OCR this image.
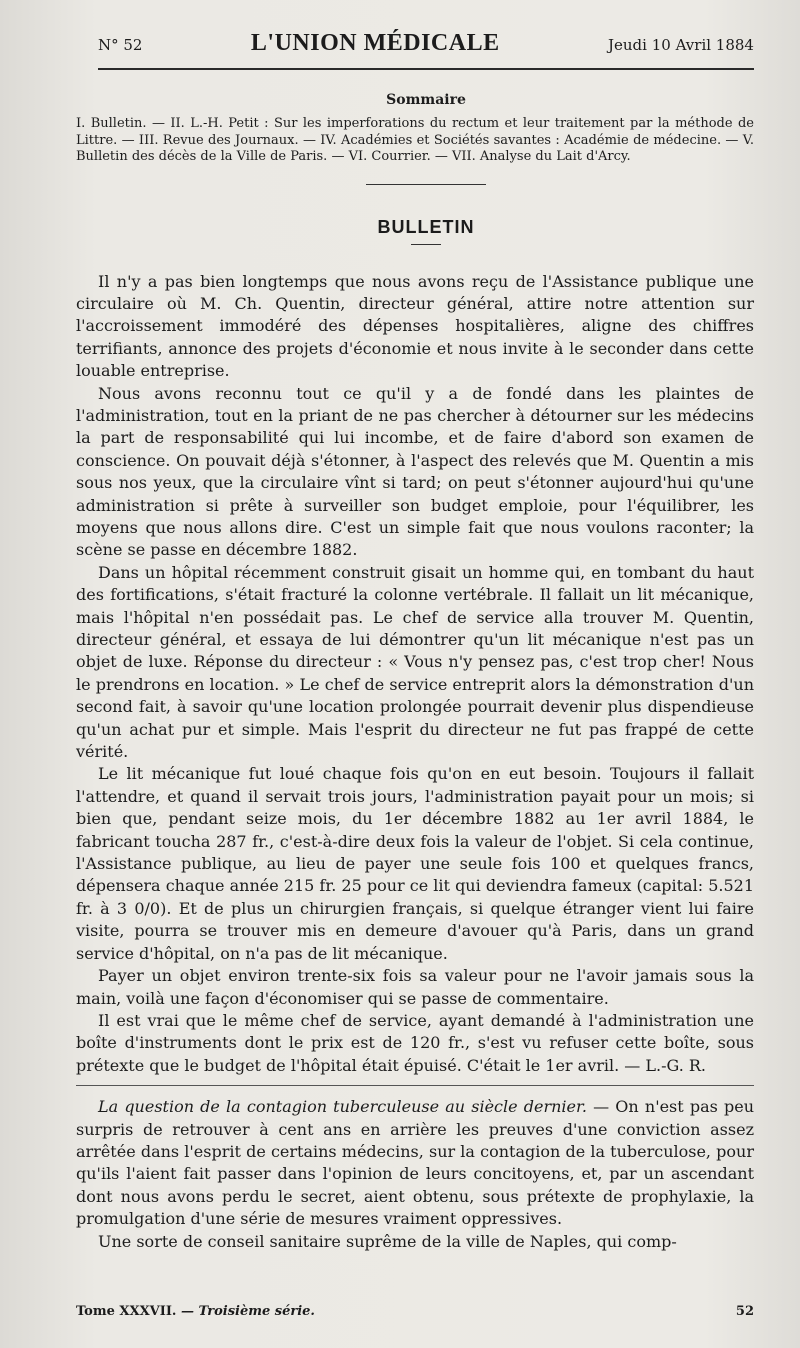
N° 52	L'UNION MÉDICALE	Jeudi 10 Avril 1884
Sommaire

I. Bulletin. — II. L.-H. Petit : Sur les imperforations du rectum et leur traitement par la méthode de Littre. — III. Revue des Journaux. — IV. Académies et Sociétés savantes : Académie de médecine. — V. Bulletin des décès de la Ville de Paris. — VI. Courrier. — VII. Analyse du Lait d'Arcy.

BULLETIN

Il n'y a pas bien longtemps que nous avons reçu de l'Assistance publique une circulaire où M. Ch. Quentin, directeur général, attire notre attention sur l'accroissement immodéré des dépenses hospitalières, aligne des chiffres terrifiants, annonce des projets d'économie et nous invite à le seconder dans cette louable entreprise.

Nous avons reconnu tout ce qu'il y a de fondé dans les plaintes de l'administration, tout en la priant de ne pas chercher à détourner sur les médecins la part de responsabilité qui lui incombe, et de faire d'abord son examen de conscience. On pouvait déjà s'étonner, à l'aspect des relevés que M. Quentin a mis sous nos yeux, que la circulaire vînt si tard; on peut s'étonner aujourd'hui qu'une administration si prête à surveiller son budget emploie, pour l'équilibrer, les moyens que nous allons dire. C'est un simple fait que nous voulons raconter; la scène se passe en décembre 1882.

Dans un hôpital récemment construit gisait un homme qui, en tombant du haut des fortifications, s'était fracturé la colonne vertébrale. Il fallait un lit mécanique, mais l'hôpital n'en possédait pas. Le chef de service alla trouver M. Quentin, directeur général, et essaya de lui démontrer qu'un lit mécanique n'est pas un objet de luxe. Réponse du directeur : « Vous n'y pensez pas, c'est trop cher! Nous le prendrons en location. » Le chef de service entreprit alors la démonstration d'un second fait, à savoir qu'une location prolongée pourrait devenir plus dispendieuse qu'un achat pur et simple. Mais l'esprit du directeur ne fut pas frappé de cette vérité.

Le lit mécanique fut loué chaque fois qu'on en eut besoin. Toujours il fallait l'attendre, et quand il servait trois jours, l'administration payait pour un mois; si bien que, pendant seize mois, du 1er décembre 1882 au 1er avril 1884, le fabricant toucha 287 fr., c'est-à-dire deux fois la valeur de l'objet. Si cela continue, l'Assistance publique, au lieu de payer une seule fois 100 et quelques francs, dépensera chaque année 215 fr. 25 pour ce lit qui deviendra fameux (capital: 5.521 fr. à 3 0/0). Et de plus un chirurgien français, si quelque étranger vient lui faire visite, pourra se trouver mis en demeure d'avouer qu'à Paris, dans un grand service d'hôpital, on n'a pas de lit mécanique.

Payer un objet environ trente-six fois sa valeur pour ne l'avoir jamais sous la main, voilà une façon d'économiser qui se passe de commentaire.

Il est vrai que le même chef de service, ayant demandé à l'administration une boîte d'instruments dont le prix est de 120 fr., s'est vu refuser cette boîte, sous prétexte que le budget de l'hôpital était épuisé. C'était le 1er avril. — L.-G. R.

La question de la contagion tuberculeuse au siècle dernier. — On n'est pas peu surpris de retrouver à cent ans en arrière les preuves d'une conviction assez arrêtée dans l'esprit de certains médecins, sur la contagion de la tuberculose, pour qu'ils l'aient fait passer dans l'opinion de leurs concitoyens, et, par un ascendant dont nous avons perdu le secret, aient obtenu, sous prétexte de prophylaxie, la promulgation d'une série de mesures vraiment oppressives.

Une sorte de conseil sanitaire suprême de la ville de Naples, qui comp-

Tome XXXVII. — Troisième série.	52
